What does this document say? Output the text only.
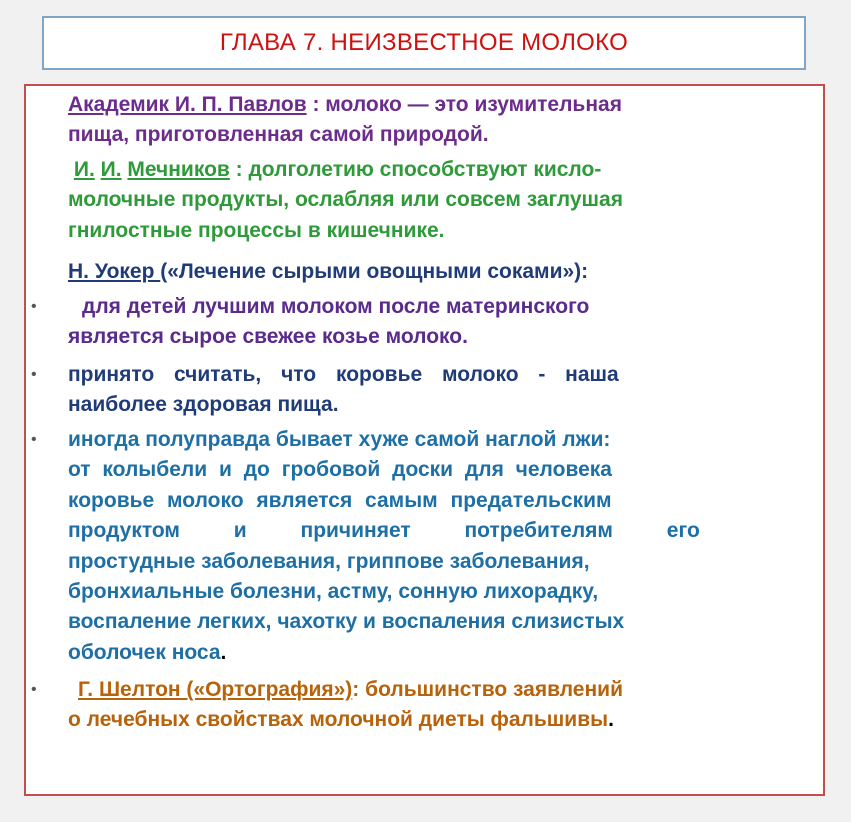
ГЛАВА 7. НЕИЗВЕСТНОЕ МОЛОКО
Академик И. П. Павлов : молоко — это изумительная
пища, приготовленная самой природой.
И. И. Мечников : долголетию способствуют кисло-
молочные продукты, ослабляя или совсем заглушая
гнилостные процессы в кишечнике.
Н. Уокер («Лечение сырыми овощными соками»):
•	для детей лучшим молоком после материнского
является сырое свежее козье молоко.
• принято считать, что коровье молоко - наша
наиболее здоровая пища.
• иногда полуправда бывает хуже самой наглой лжи:
от колыбели и до гробовой доски для человека
коровье молоко является самым предательским
продуктом и причиняет потребителям его
простудные заболевания, гриппове заболевания,
бронхиальные болезни, астму, сонную лихорадку,
воспаление легких, чахотку и воспаления слизистых
оболочек носа.
•	Г. Шелтон («Ортография»): большинство заявлений
о лечебных свойствах молочной диеты фальшивы.
